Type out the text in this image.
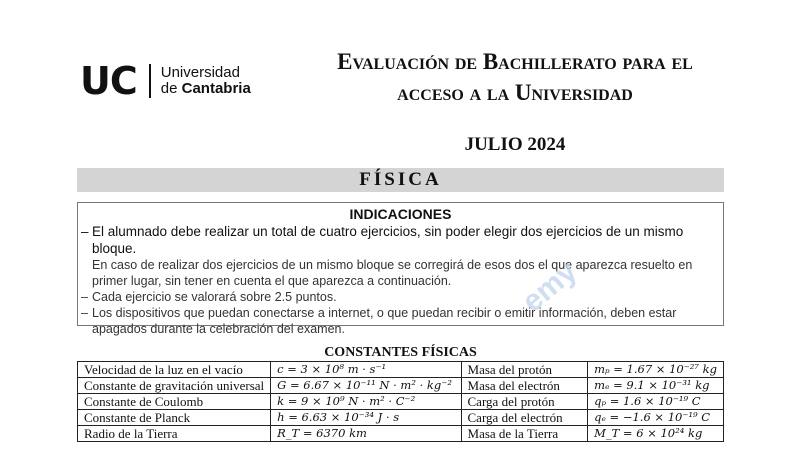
UC Universidad
de Cantabria
Evaluación de Bachillerato para el
acceso a la Universidad
JULIO 2024
FÍSICA
INDICACIONES
– El alumnado debe realizar un total de cuatro ejercicios, sin poder elegir dos ejercicios de un mismo bloque.
En caso de realizar dos ejercicios de un mismo bloque se corregirá de esos dos el que aparezca resuelto en primer lugar, sin tener en cuenta el que aparezca a continuación.
– Cada ejercicio se valorará sobre 2.5 puntos.
– Los dispositivos que puedan conectarse a internet, o que puedan recibir o emitir información, deben estar apagados durante la celebración del examen.
emy
CONSTANTES FÍSICAS
Velocidad de la luz en el vacío	c = 3 × 10⁸ m · s⁻¹	Masa del protón	mₚ = 1.67 × 10⁻²⁷ kg
Constante de gravitación universal	G = 6.67 × 10⁻¹¹ N · m² · kg⁻²	Masa del electrón	mₑ = 9.1 × 10⁻³¹ kg
Constante de Coulomb	k = 9 × 10⁹ N · m² · C⁻²	Carga del protón	qₚ = 1.6 × 10⁻¹⁹ C
Constante de Planck	h = 6.63 × 10⁻³⁴ J · s	Carga del electrón	qₑ = −1.6 × 10⁻¹⁹ C
Radio de la Tierra	R_T = 6370 km	Masa de la Tierra	M_T = 6 × 10²⁴ kg
